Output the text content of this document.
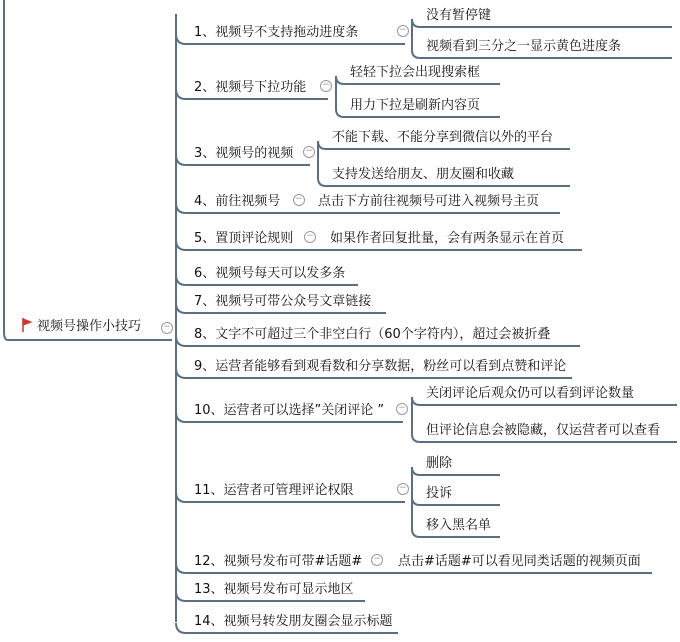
视频号操作小技巧 −
1、视频号不支持拖动进度条	−
没有暂停键
视频看到三分之一显示黄色进度条
2、视频号下拉功能 −
轻轻下拉会出现搜索框
用力下拉是刷新内容页
3、视频号的视频 −
不能下载、不能分享到微信以外的平台
支持发送给朋友、朋友圈和收藏
4、前往视频号 − 点击下方前往视频号可进入视频号主页
5、置顶评论规则 − 如果作者回复批量，会有两条显示在首页
6、视频号每天可以发多条
7、视频号可带公众号文章链接
8、文字不可超过三个非空白行（60个字符内），超过会被折叠
9、运营者能够看到观看数和分享数据，粉丝可以看到点赞和评论
10、运营者可以选择”关闭评论 ” −
关闭评论后观众仍可以看到评论数量
但评论信息会被隐藏，仅运营者可以查看
11、运营者可管理评论权限	−
删除
投诉
移入黑名单
12、视频号发布可带#话题# − 点击#话题#可以看见同类话题的视频页面
13、视频号发布可显示地区
14、视频号转发朋友圈会显示标题
